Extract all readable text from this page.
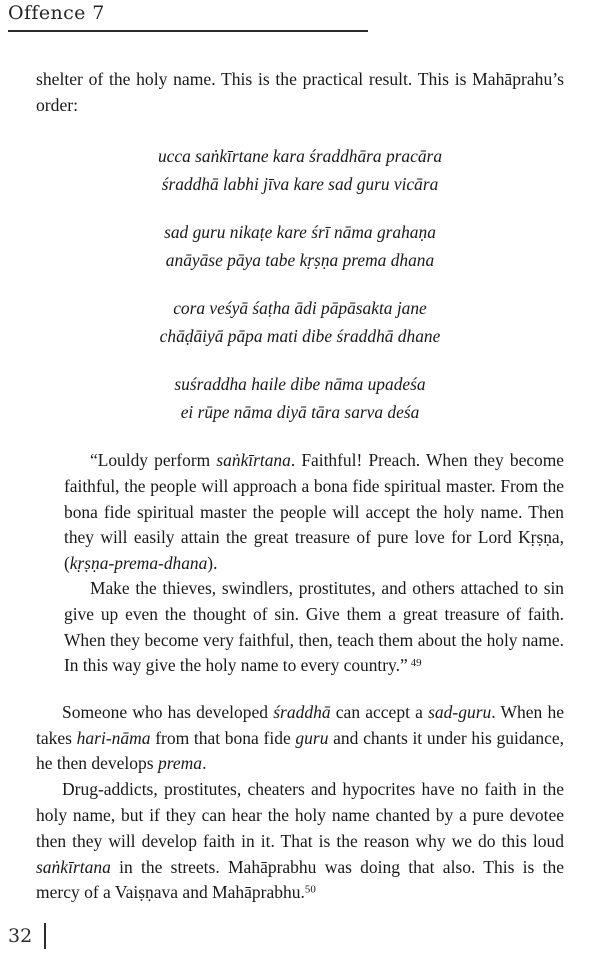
Offence 7

shelter of the holy name. This is the practical result. This is Mahāprahu’s order:

ucca saṅkīrtane kara śraddhāra pracāra
śraddhā labhi jīva kare sad guru vicāra
sad guru nikaṭe kare śrī nāma grahaṇa
anāyāse pāya tabe kṛṣṇa prema dhana
cora veśyā śaṭha ādi pāpāsakta jane
chāḍāiyā pāpa mati dibe śraddhā dhane
suśraddha haile dibe nāma upadeśa
ei rūpe nāma diyā tāra sarva deśa

“Louldy perform saṅkīrtana. Faithful! Preach. When they become faithful, the people will approach a bona fide spiritual master. From the bona fide spiritual master the people will accept the holy name. Then they will easily attain the great treasure of pure love for Lord Kṛṣṇa, (kṛṣṇa-prema-dhana).

Make the thieves, swindlers, prostitutes, and others attached to sin give up even the thought of sin. Give them a great treasure of faith. When they become very faithful, then, teach them about the holy name. In this way give the holy name to every country.” $^{49}$

Someone who has developed śraddhā can accept a sad-guru. When he takes hari-nāma from that bona fide guru and chants it under his guidance, he then develops prema.

Drug-addicts, prostitutes, cheaters and hypocrites have no faith in the holy name, but if they can hear the holy name chanted by a pure devotee then they will develop faith in it. That is the reason why we do this loud saṅkīrtana in the streets. Mahāprabhu was doing that also. This is the mercy of a Vaiṣṇava and Mahāprabhu.$^{50}$

32
